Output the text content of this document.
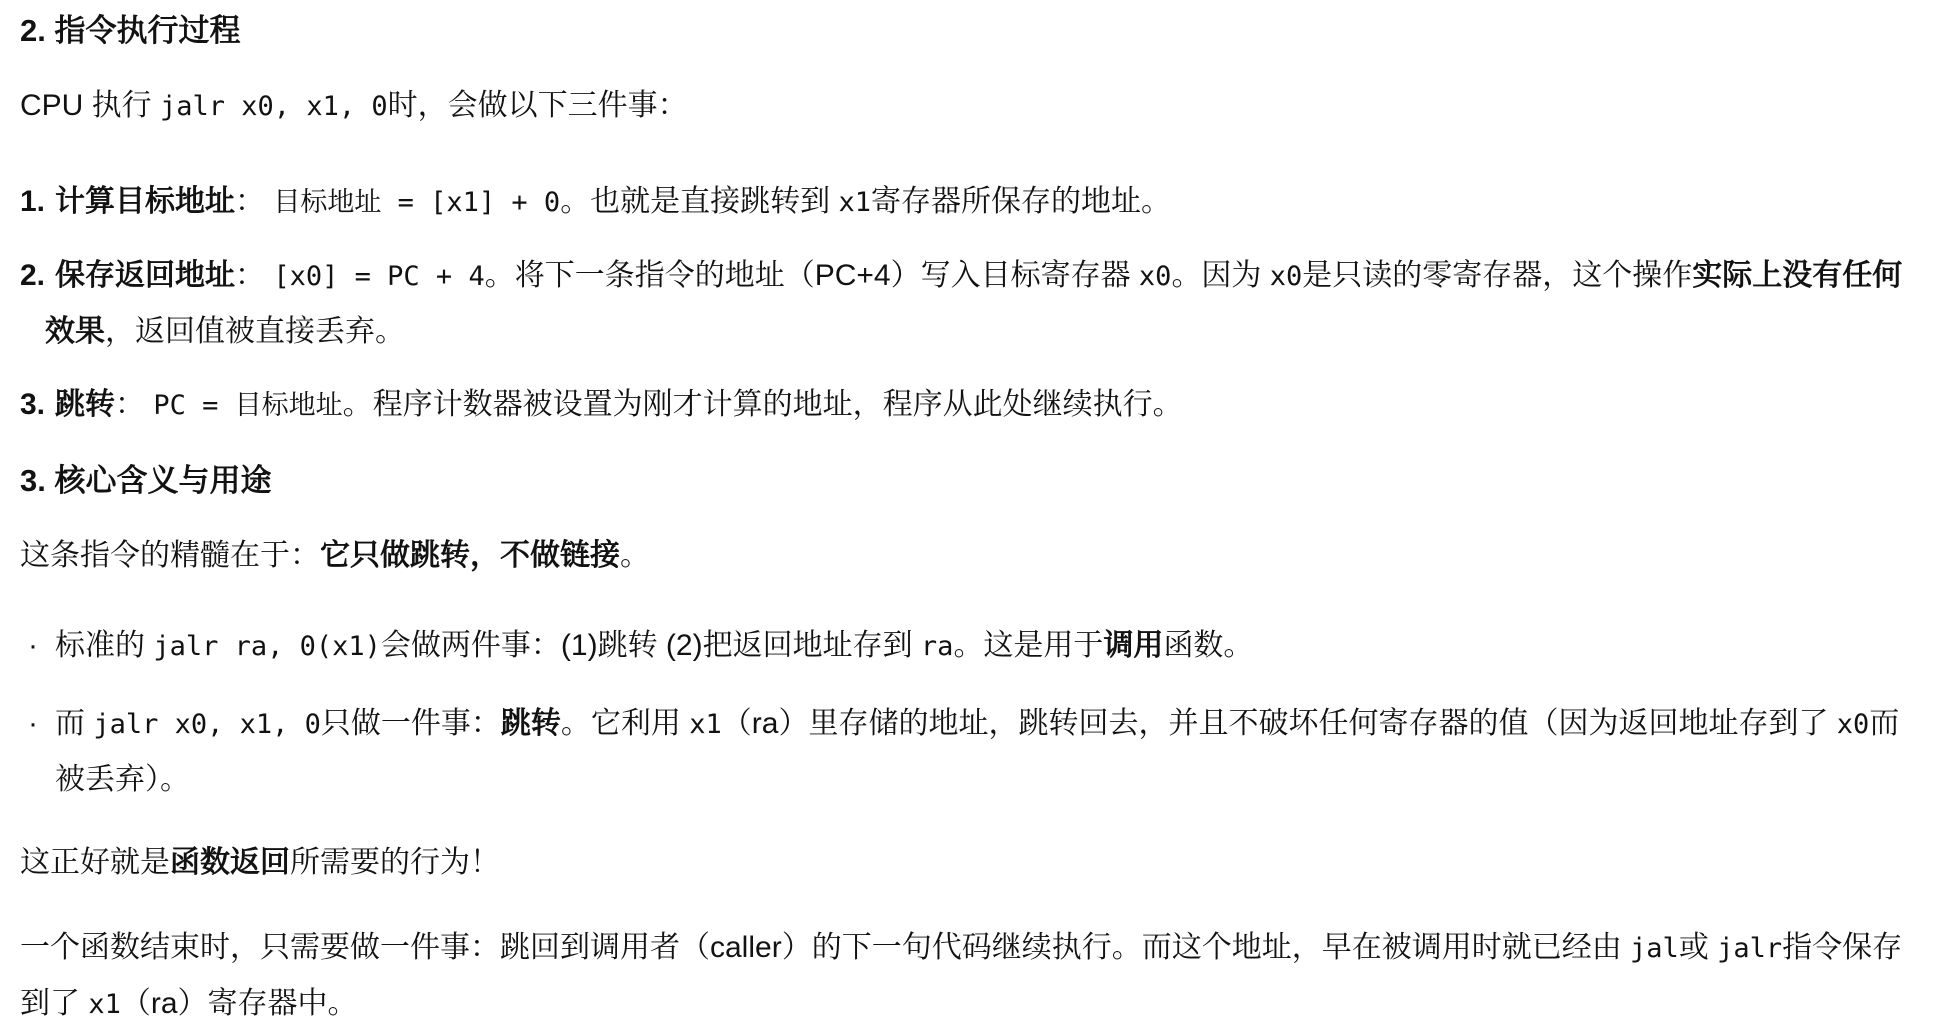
2. 指令执行过程

CPU 执行 jalr x0, x1, 0时，会做以下三件事：

1. 计算目标地址： 目标地址 = [x1] + 0。也就是直接跳转到 x1寄存器所保存的地址。
2. 保存返回地址： [x0] = PC + 4。将下一条指令的地址（PC+4）写入目标寄存器 x0。因为 x0是只读的零寄存器，这个操作实际上没有任何效果，返回值被直接丢弃。
3. 跳转： PC = 目标地址。程序计数器被设置为刚才计算的地址，程序从此处继续执行。
3. 核心含义与用途

这条指令的精髓在于：它只做跳转，不做链接。

· 标准的 jalr ra, 0(x1)会做两件事：(1)跳转 (2)把返回地址存到 ra。这是用于调用函数。
· 而 jalr x0, x1, 0只做一件事：跳转。它利用 x1（ra）里存储的地址，跳转回去，并且不破坏任何寄存器的值（因为返回地址存到了 x0而被丢弃）。

这正好就是函数返回所需要的行为！

一个函数结束时，只需要做一件事：跳回到调用者（caller）的下一句代码继续执行。而这个地址，早在被调用时就已经由 jal或 jalr指令保存到了 x1（ra）寄存器中。
